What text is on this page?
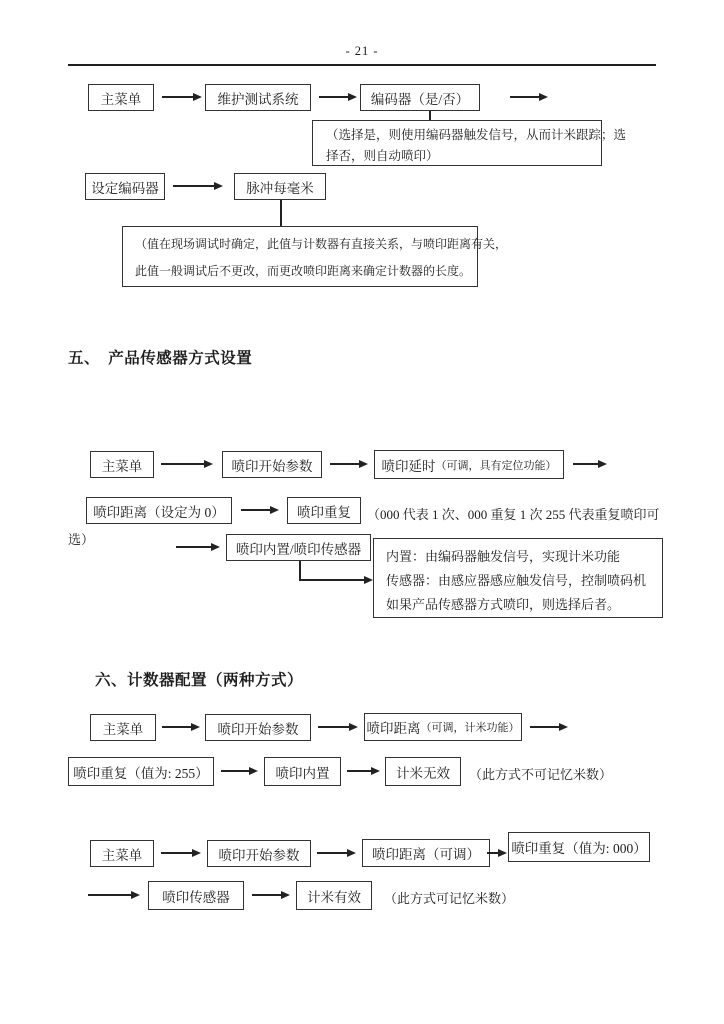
- 21 -
主菜单	维护测试系统	编码器（是/否）
（选择是，则使用编码器触发信号，从而计米跟踪；选
择否，则自动喷印）
设定编码器	脉冲每毫米
（值在现场调试时确定，此值与计数器有直接关系，与喷印距离有关，
此值一般调试后不更改，而更改喷印距离来确定计数器的长度。
五、　产品传感器方式设置
主菜单	喷印开始参数	喷印延时 （可调，具有定位功能）
喷印距离（设定为 0）	喷印重复 （000 代表 1 次、000 重复 1 次 255 代表重复喷印可
选）
喷印内置/喷印传感器 内置：由编码器触发信号，实现计米功能
传感器：由感应器感应触发信号，控制喷码机
如果产品传感器方式喷印，则选择后者。
六、计数器配置（两种方式）
主菜单	喷印开始参数	喷印距离 （可调，计米功能）
喷印重复（值为: 255）	喷印内置	计米无效 （此方式不可记忆米数）
主菜单	喷印开始参数	喷印距离（可调） 喷印重复（值为: 000）
喷印传感器	计米有效 （此方式可记忆米数）
